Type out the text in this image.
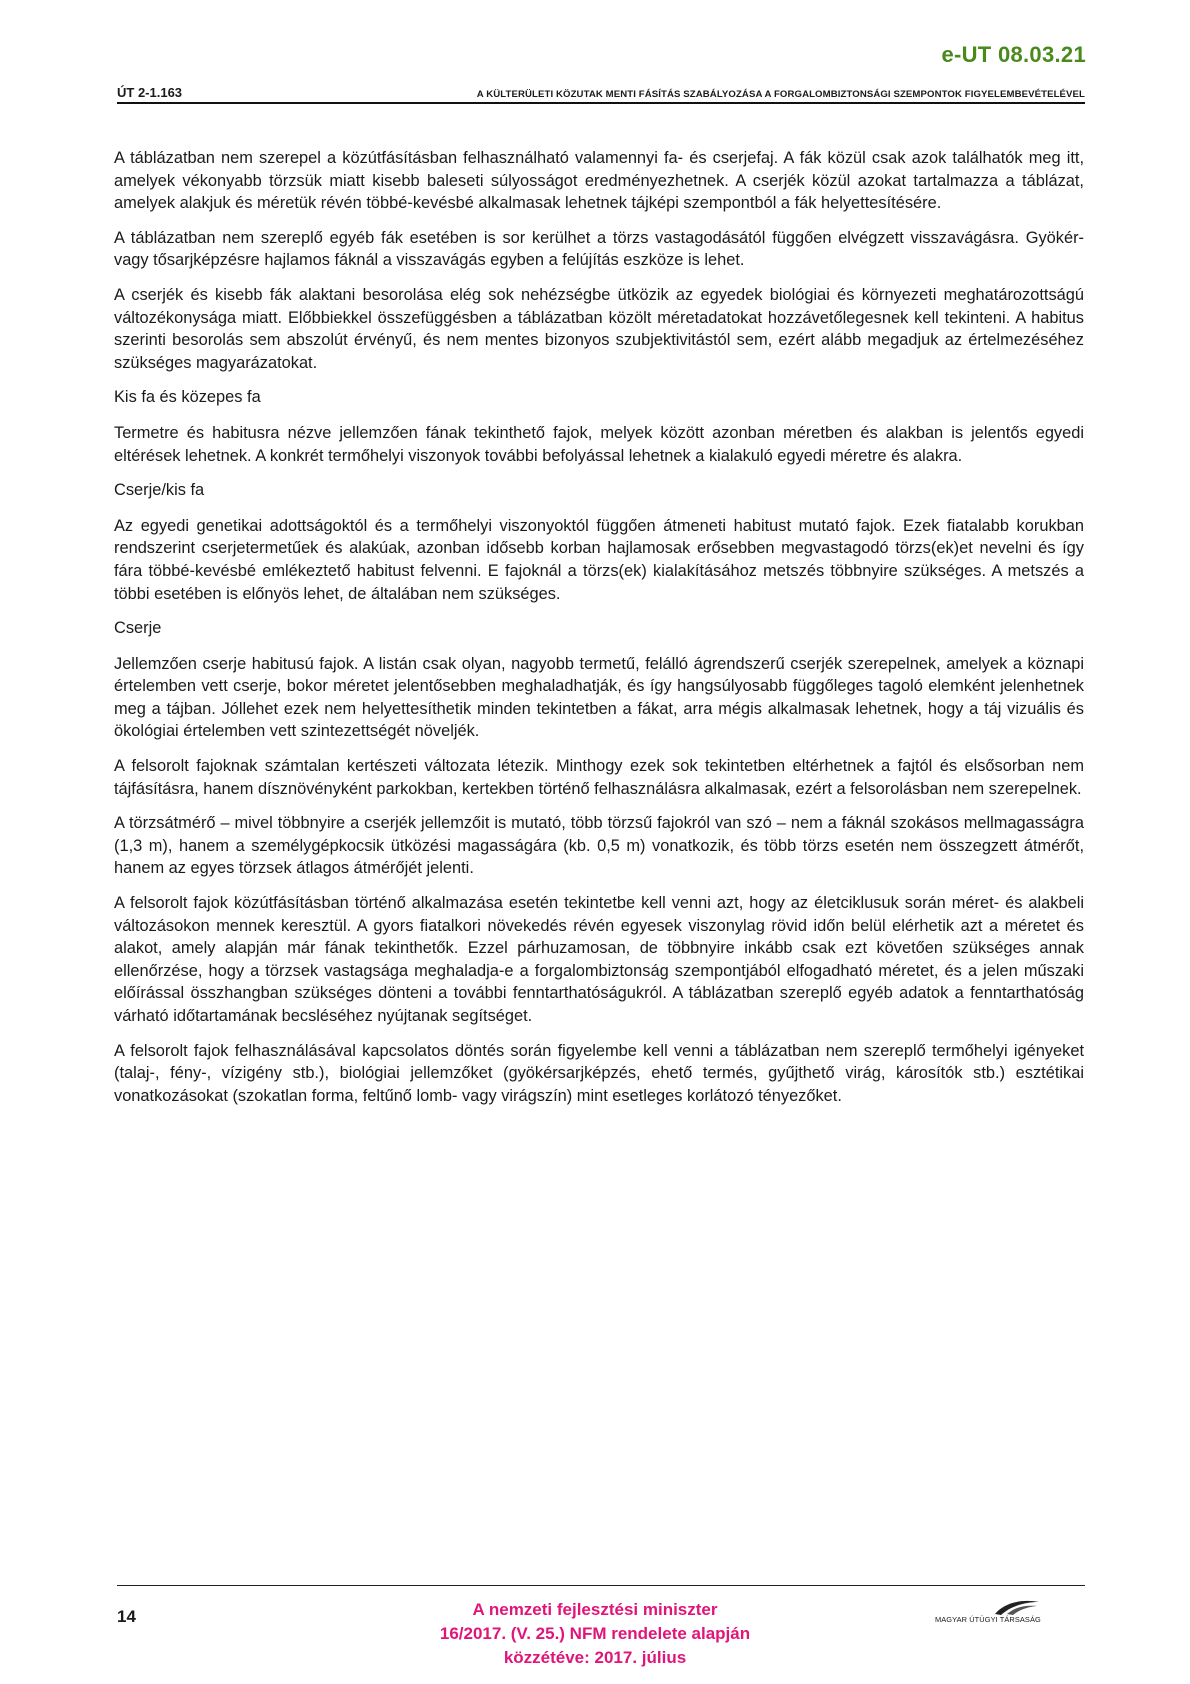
e-UT 08.03.21
ÚT 2-1.163	A KÜLTERÜLETI KÖZUTAK MENTI FÁSÍTÁS SZABÁLYOZÁSA A FORGALOMBIZTONSÁGI SZEMPONTOK FIGYELEMBEVÉTELÉVEL

A táblázatban nem szerepel a közútfásításban felhasználható valamennyi fa- és cserjefaj. A fák közül csak azok találhatók meg itt, amelyek vékonyabb törzsük miatt kisebb baleseti súlyosságot eredményezhetnek. A cserjék közül azokat tartalmazza a táblázat, amelyek alakjuk és méretük révén többé-kevésbé alkalmasak lehetnek tájképi szempontból a fák helyettesítésére.

A táblázatban nem szereplő egyéb fák esetében is sor kerülhet a törzs vastagodásától függően elvégzett visszavágásra. Gyökér- vagy tősarjképzésre hajlamos fáknál a visszavágás egyben a felújítás eszköze is lehet.

A cserjék és kisebb fák alaktani besorolása elég sok nehézségbe ütközik az egyedek biológiai és környezeti meghatározottságú változékonysága miatt. Előbbiekkel összefüggésben a táblázatban közölt méretadatokat hozzávetőlegesnek kell tekinteni. A habitus szerinti besorolás sem abszolút érvényű, és nem mentes bizonyos szubjektivitástól sem, ezért alább megadjuk az értelmezéséhez szükséges magyarázatokat.

Kis fa és közepes fa

Termetre és habitusra nézve jellemzően fának tekinthető fajok, melyek között azonban méretben és alakban is jelentős egyedi eltérések lehetnek. A konkrét termőhelyi viszonyok további befolyással lehetnek a kialakuló egyedi méretre és alakra.

Cserje/kis fa

Az egyedi genetikai adottságoktól és a termőhelyi viszonyoktól függően átmeneti habitust mutató fajok. Ezek fiatalabb korukban rendszerint cserjetermetűek és alakúak, azonban idősebb korban hajlamosak erősebben megvastagodó törzs(ek)et nevelni és így fára többé-kevésbé emlékeztető habitust felvenni. E fajoknál a törzs(ek) kialakításához metszés többnyire szükséges. A metszés a többi esetében is előnyös lehet, de általában nem szükséges.

Cserje

Jellemzően cserje habitusú fajok. A listán csak olyan, nagyobb termetű, felálló ágrendszerű cserjék szerepelnek, amelyek a köznapi értelemben vett cserje, bokor méretet jelentősebben meghaladhatják, és így hangsúlyosabb függőleges tagoló elemként jelenhetnek meg a tájban. Jóllehet ezek nem helyettesíthetik minden tekintetben a fákat, arra mégis alkalmasak lehetnek, hogy a táj vizuális és ökológiai értelemben vett szintezettségét növeljék.

A felsorolt fajoknak számtalan kertészeti változata létezik. Minthogy ezek sok tekintetben eltérhetnek a fajtól és elsősorban nem tájfásításra, hanem dísznövényként parkokban, kertekben történő felhasználásra alkalmasak, ezért a felsorolásban nem szerepelnek.

A törzsátmérő – mivel többnyire a cserjék jellemzőit is mutató, több törzsű fajokról van szó – nem a fáknál szokásos mellmagasságra (1,3 m), hanem a személygépkocsik ütközési magasságára (kb. 0,5 m) vonatkozik, és több törzs esetén nem összegzett átmérőt, hanem az egyes törzsek átlagos átmérőjét jelenti.

A felsorolt fajok közútfásításban történő alkalmazása esetén tekintetbe kell venni azt, hogy az életciklusuk során méret- és alakbeli változásokon mennek keresztül. A gyors fiatalkori növekedés révén egyesek viszonylag rövid időn belül elérhetik azt a méretet és alakot, amely alapján már fának tekinthetők. Ezzel párhuzamosan, de többnyire inkább csak ezt követően szükséges annak ellenőrzése, hogy a törzsek vastagsága meghaladja-e a forgalombiztonság szempontjából elfogadható méretet, és a jelen műszaki előírással összhangban szükséges dönteni a további fenntarthatóságukról. A táblázatban szereplő egyéb adatok a fenntarthatóság várható időtartamának becsléséhez nyújtanak segítséget.

A felsorolt fajok felhasználásával kapcsolatos döntés során figyelembe kell venni a táblázatban nem szereplő termőhelyi igényeket (talaj-, fény-, vízigény stb.), biológiai jellemzőket (gyökérsarjképzés, ehető termés, gyűjthető virág, károsítók stb.) esztétikai vonatkozásokat (szokatlan forma, feltűnő lomb- vagy virágszín) mint esetleges korlátozó tényezőket.

14	A nemzeti fejlesztési miniszter
16/2017. (V. 25.) NFM rendelete alapján
közzétéve: 2017. július
MAGYAR ÚTÜGYI TÁRSASÁG
